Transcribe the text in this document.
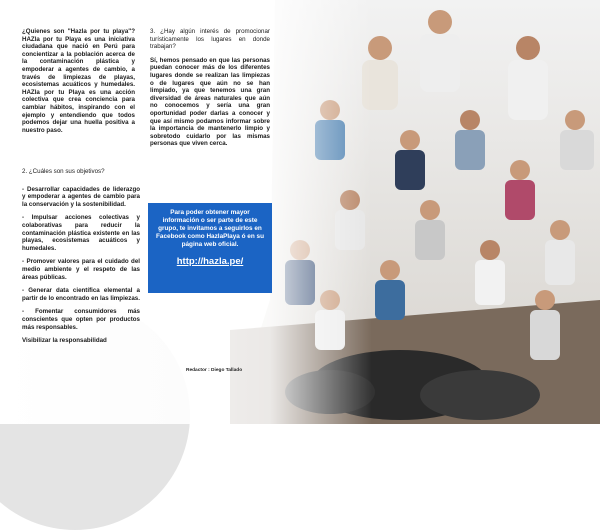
¿Quienes son "Hazla por tu playa"? HAZla por tu Playa es una iniciativa ciudadana que nació en Perú para concientizar a la población acerca de la contaminación plástica y empoderar a agentes de cambio, a través de limpiezas de playas, ecosistemas acuáticos y humedales. HAZla por tu Playa es una acción colectiva que crea conciencia para cambiar hábitos, inspirando con el ejemplo y entendiendo que todos podemos dejar una huella positiva a nuestro paso.

2. ¿Cuáles son sus objetivos?

- Desarrollar capacidades de liderazgo y empoderar a agentes de cambio para la conservación y la sostenibilidad.

- Impulsar acciones colectivas y colaborativas para reducir la contaminación plástica existente en las playas, ecosistemas acuáticos y humedales.

- Promover valores para el cuidado del medio ambiente y el respeto de las áreas públicas.

- Generar data científica elemental a partir de lo encontrado en las limpiezas.

- Fomentar consumidores más conscientes que opten por productos más responsables.

Visibilizar la responsabilidad

3. ¿Hay algún interés de promocionar turísticamente los lugares en donde trabajan?

Sí, hemos pensado en que las personas puedan conocer más de los diferentes lugares donde se realizan las limpiezas o de lugares que aún no se han limpiado, ya que tenemos una gran diversidad de áreas naturales que aún no conocemos y sería una gran oportunidad poder darlas a conocer y que así mismo podamos informar sobre la importancia de mantenerlo limpio y sobretodo cuidarlo por las mismas personas que viven cerca.

Para poder obtener mayor información o ser parte de este grupo, te invitamos a seguirlos en Facebook como HazlaPlaya ó en su página web oficial.
http://hazla.pe/
Redactor : Diego Tallado
